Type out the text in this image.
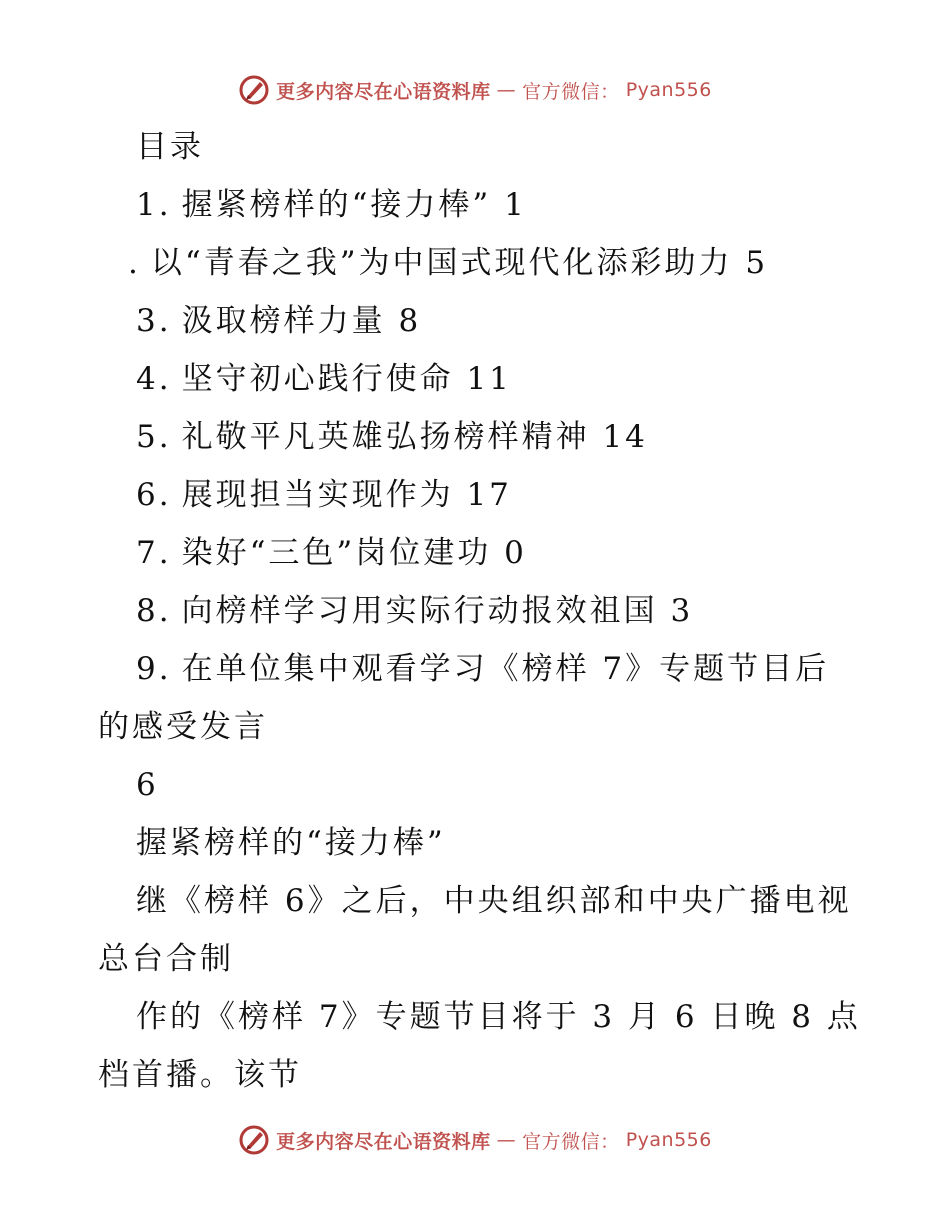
更多内容尽在心语资料库 — 官方微信： Pyan556
目录
1. 握紧榜样的“接力棒” 1
. 以“青春之我”为中国式现代化添彩助力 5
3. 汲取榜样力量 8
4. 坚守初心践行使命 11
5. 礼敬平凡英雄弘扬榜样精神 14
6. 展现担当实现作为 17
7. 染好“三色”岗位建功 0
8. 向榜样学习用实际行动报效祖国 3
9. 在单位集中观看学习《榜样 7》专题节目后
的感受发言
6
握紧榜样的“接力棒”
继《榜样 6》之后，中央组织部和中央广播电视
总台合制
作的《榜样 7》专题节目将于 3 月 6 日晚 8 点
档首播。该节
更多内容尽在心语资料库 — 官方微信： Pyan556
